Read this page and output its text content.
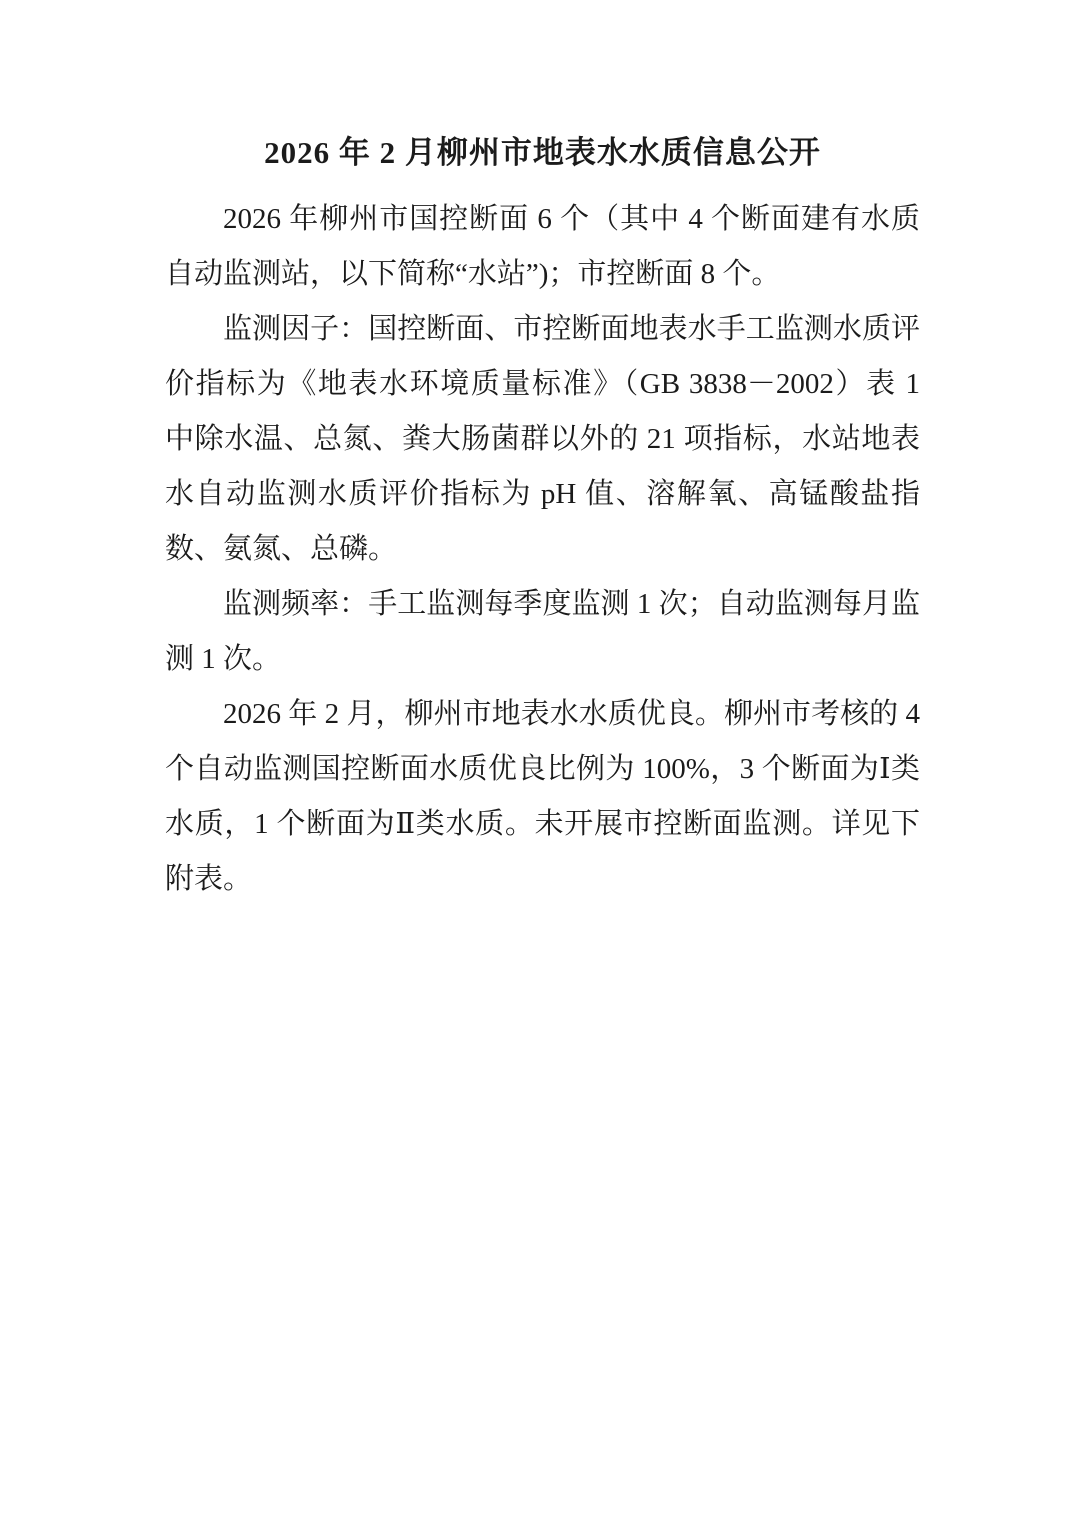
2026 年 2 月柳州市地表水水质信息公开

2026 年柳州市国控断面 6 个（其中 4 个断面建有水质自动监测站，以下简称“水站”)；市控断面 8 个。

监测因子：国控断面、市控断面地表水手工监测水质评价指标为《地表水环境质量标准》（GB 3838－2002）表 1 中除水温、总氮、粪大肠菌群以外的 21 项指标，水站地表水自动监测水质评价指标为 pH 值、溶解氧、高锰酸盐指数、氨氮、总磷。

监测频率：手工监测每季度监测 1 次；自动监测每月监测 1 次。

2026 年 2 月，柳州市地表水水质优良。柳州市考核的 4 个自动监测国控断面水质优良比例为 100%，3 个断面为Ⅰ类水质，1 个断面为Ⅱ类水质。未开展市控断面监测。详见下附表。
